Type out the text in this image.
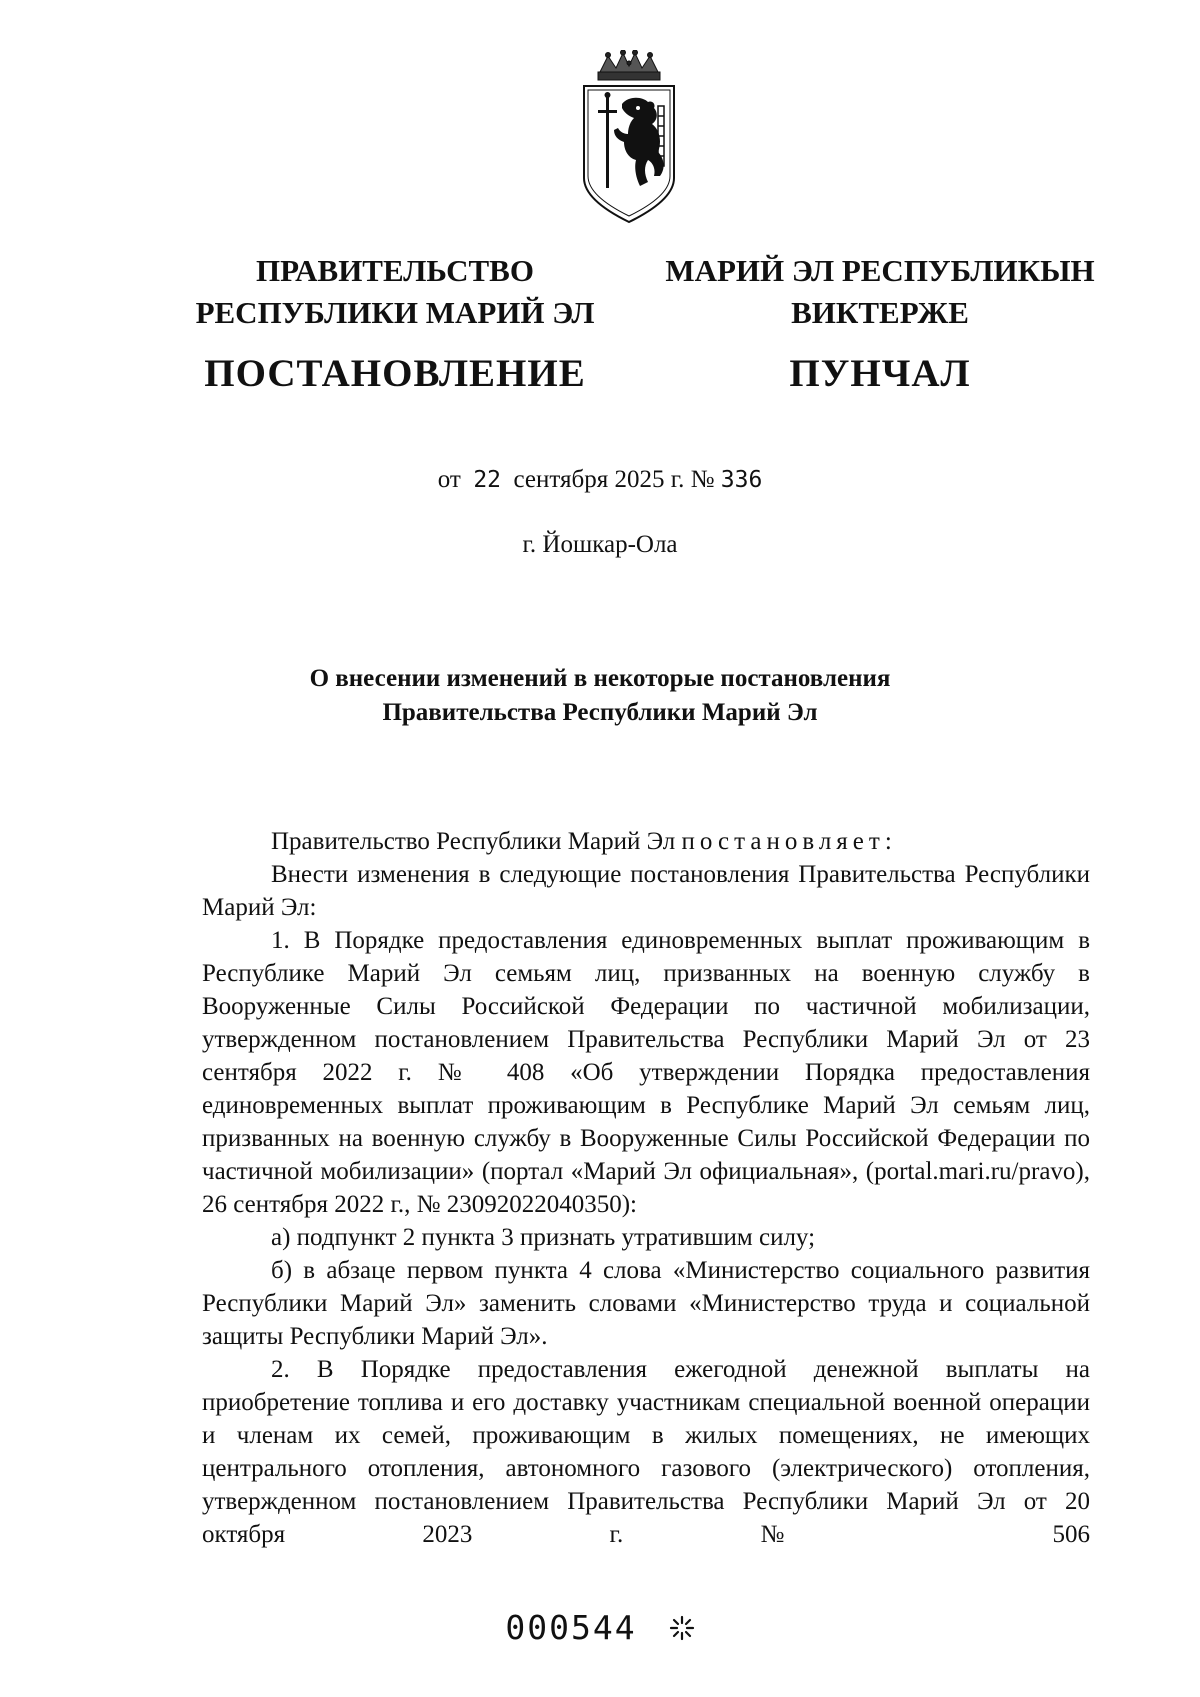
ПРАВИТЕЛЬСТВО
РЕСПУБЛИКИ МАРИЙ ЭЛ
ПОСТАНОВЛЕНИЕ
МАРИЙ ЭЛ РЕСПУБЛИКЫН
ВИКТЕРЖЕ
ПУНЧАЛ
от 22 сентября 2025 г. № 336
г. Йошкар-Ола
О внесении изменений в некоторые постановления
Правительства Республики Марий Эл

Правительство Республики Марий Эл постановляет:

Внести изменения в следующие постановления Правительства Республики Марий Эл:

1. В Порядке предоставления единовременных выплат проживающим в Республике Марий Эл семьям лиц, призванных на военную службу в Вооруженные Силы Российской Федерации по частичной мобилизации, утвержденном постановлением Правительства Республики Марий Эл от 23 сентября 2022 г. № 408 «Об утверждении Порядка предоставления единовременных выплат проживающим в Республике Марий Эл семьям лиц, призванных на военную службу в Вооруженные Силы Российской Федерации по частичной мобилизации» (портал «Марий Эл официальная», (portal.mari.ru/pravo), 26 сентября 2022 г., № 23092022040350):

а) подпункт 2 пункта 3 признать утратившим силу;

б) в абзаце первом пункта 4 слова «Министерство социального развития Республики Марий Эл» заменить словами «Министерство труда и социальной защиты Республики Марий Эл».

2. В Порядке предоставления ежегодной денежной выплаты на приобретение топлива и его доставку участникам специальной военной операции и членам их семей, проживающим в жилых помещениях, не имеющих центрального отопления, автономного газового (электрического) отопления, утвержденном постановлением Правительства Республики Марий Эл от 20 октября 2023 г. № 506

000544
